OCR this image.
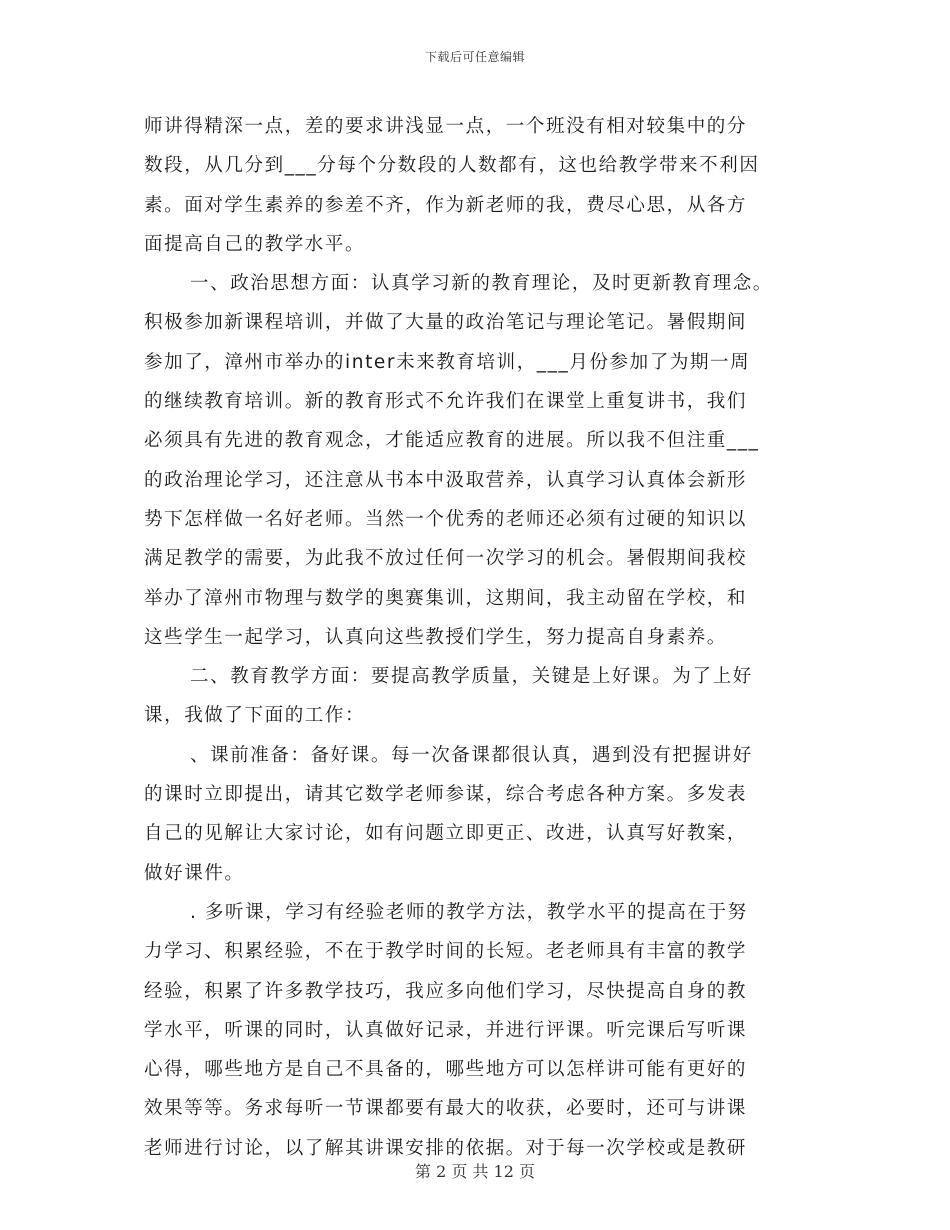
下载后可任意编辑
师讲得精深一点，差的要求讲浅显一点，一个班没有相对较集中的分
数段，从几分到___分每个分数段的人数都有，这也给教学带来不利因
素。面对学生素养的参差不齐，作为新老师的我，费尽心思，从各方
面提高自己的教学水平。
一、政治思想方面：认真学习新的教育理论，及时更新教育理念。
积极参加新课程培训，并做了大量的政治笔记与理论笔记。暑假期间
参加了，漳州市举办的inter未来教育培训，___月份参加了为期一周
的继续教育培训。新的教育形式不允许我们在课堂上重复讲书，我们
必须具有先进的教育观念，才能适应教育的进展。所以我不但注重___
的政治理论学习，还注意从书本中汲取营养，认真学习认真体会新形
势下怎样做一名好老师。当然一个优秀的老师还必须有过硬的知识以
满足教学的需要，为此我不放过任何一次学习的机会。暑假期间我校
举办了漳州市物理与数学的奥赛集训，这期间，我主动留在学校，和
这些学生一起学习，认真向这些教授们学生，努力提高自身素养。
二、教育教学方面：要提高教学质量，关键是上好课。为了上好
课，我做了下面的工作：
、课前准备：备好课。每一次备课都很认真，遇到没有把握讲好
的课时立即提出，请其它数学老师参谋，综合考虑各种方案。多发表
自己的见解让大家讨论，如有问题立即更正、改进，认真写好教案，
做好课件。
. 多听课，学习有经验老师的教学方法，教学水平的提高在于努
力学习、积累经验，不在于教学时间的长短。老老师具有丰富的教学
经验，积累了许多教学技巧，我应多向他们学习，尽快提高自身的教
学水平，听课的同时，认真做好记录，并进行评课。听完课后写听课
心得，哪些地方是自己不具备的，哪些地方可以怎样讲可能有更好的
效果等等。务求每听一节课都要有最大的收获，必要时，还可与讲课
老师进行讨论，以了解其讲课安排的依据。对于每一次学校或是教研
第 2 页 共 12 页
